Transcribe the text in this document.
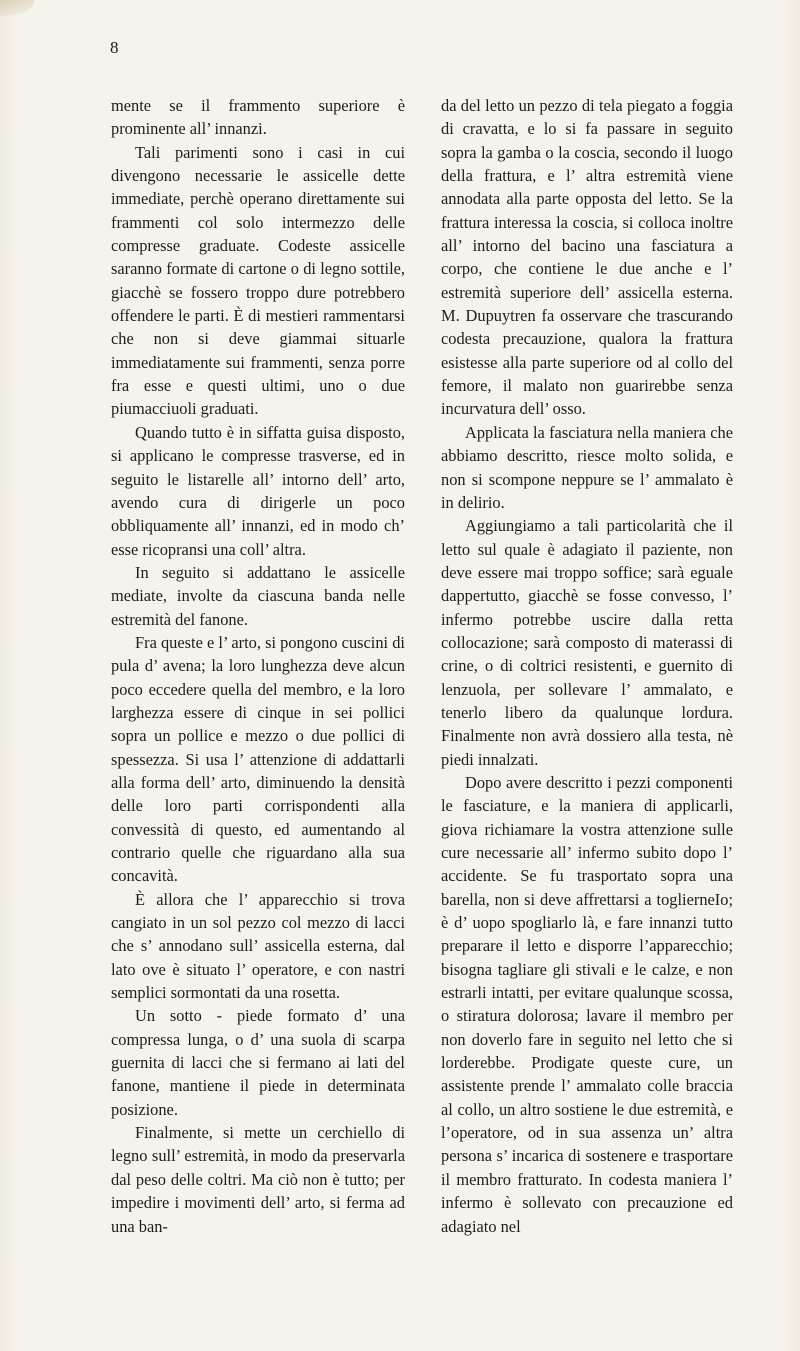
8

mente se il frammento superiore è prominente all’ innanzi.

Tali parimenti sono i casi in cui divengono necessarie le assicelle dette immediate, perchè operano direttamente sui frammenti col solo intermezzo delle compresse graduate. Codeste assicelle saranno formate di cartone o di legno sottile, giacchè se fossero troppo dure potrebbero offendere le parti. È di mestieri rammentarsi che non si deve giammai situarle immediatamente sui frammenti, senza porre fra esse e questi ultimi, uno o due piumacciuoli graduati.

Quando tutto è in siffatta guisa disposto, si applicano le compresse trasverse, ed in seguito le listarelle all’ intorno dell’ arto, avendo cura di dirigerle un poco obbliquamente all’ innanzi, ed in modo ch’ esse ricopransi una coll’ altra.

In seguito si addattano le assicelle mediate, involte da ciascuna banda nelle estremità del fanone.

Fra queste e l’ arto, si pongono cuscini di pula d’ avena; la loro lunghezza deve alcun poco eccedere quella del membro, e la loro larghezza essere di cinque in sei pollici sopra un pollice e mezzo o due pollici di spessezza. Si usa l’ attenzione di addattarli alla forma dell’ arto, diminuendo la densità delle loro parti corrispondenti alla convessità di questo, ed aumentando al contrario quelle che riguardano alla sua concavità.

È allora che l’ apparecchio si trova cangiato in un sol pezzo col mezzo di lacci che s’ annodano sull’ assicella esterna, dal lato ove è situato l’ operatore, e con nastri semplici sormontati da una rosetta.

Un sotto - piede formato d’ una compressa lunga, o d’ una suola di scarpa guernita di lacci che si fermano ai lati del fanone, mantiene il piede in determinata posizione.

Finalmente, si mette un cerchiello di legno sull’ estremità, in modo da preservarla dal peso delle coltri. Ma ciò non è tutto; per impedire i movimenti dell’ arto, si ferma ad una ban-

da del letto un pezzo di tela piegato a foggia di cravatta, e lo si fa passare in seguito sopra la gamba o la coscia, secondo il luogo della frattura, e l’ altra estremità viene annodata alla parte opposta del letto. Se la frattura interessa la coscia, si colloca inoltre all’ intorno del bacino una fasciatura a corpo, che contiene le due anche e l’ estremità superiore dell’ assicella esterna. M. Dupuytren fa osservare che trascurando codesta precauzione, qualora la frattura esistesse alla parte superiore od al collo del femore, il malato non guarirebbe senza incurvatura dell’ osso.

Applicata la fasciatura nella maniera che abbiamo descritto, riesce molto solida, e non si scompone neppure se l’ ammalato è in delirio.

Aggiungiamo a tali particolarità che il letto sul quale è adagiato il paziente, non deve essere mai troppo soffice; sarà eguale dappertutto, giacchè se fosse convesso, l’ infermo potrebbe uscire dalla retta collocazione; sarà composto di materassi di crine, o di coltrici resistenti, e guernito di lenzuola, per sollevare l’ ammalato, e tenerlo libero da qualunque lordura. Finalmente non avrà dossiero alla testa, nè piedi innalzati.

Dopo avere descritto i pezzi componenti le fasciature, e la maniera di applicarli, giova richiamare la vostra attenzione sulle cure necessarie all’ infermo subito dopo l’ accidente. Se fu trasportato sopra una barella, non si deve affrettarsi a toglierneIo; è d’ uopo spogliarlo là, e fare innanzi tutto preparare il letto e disporre l’apparecchio; bisogna tagliare gli stivali e le calze, e non estrarli intatti, per evitare qualunque scossa, o stiratura dolorosa; lavare il membro per non doverlo fare in seguito nel letto che si lorderebbe. Prodigate queste cure, un assistente prende l’ ammalato colle braccia al collo, un altro sostiene le due estremità, e l’operatore, od in sua assenza un’ altra persona s’ incarica di sostenere e trasportare il membro fratturato. In codesta maniera l’ infermo è sollevato con precauzione ed adagiato nel
